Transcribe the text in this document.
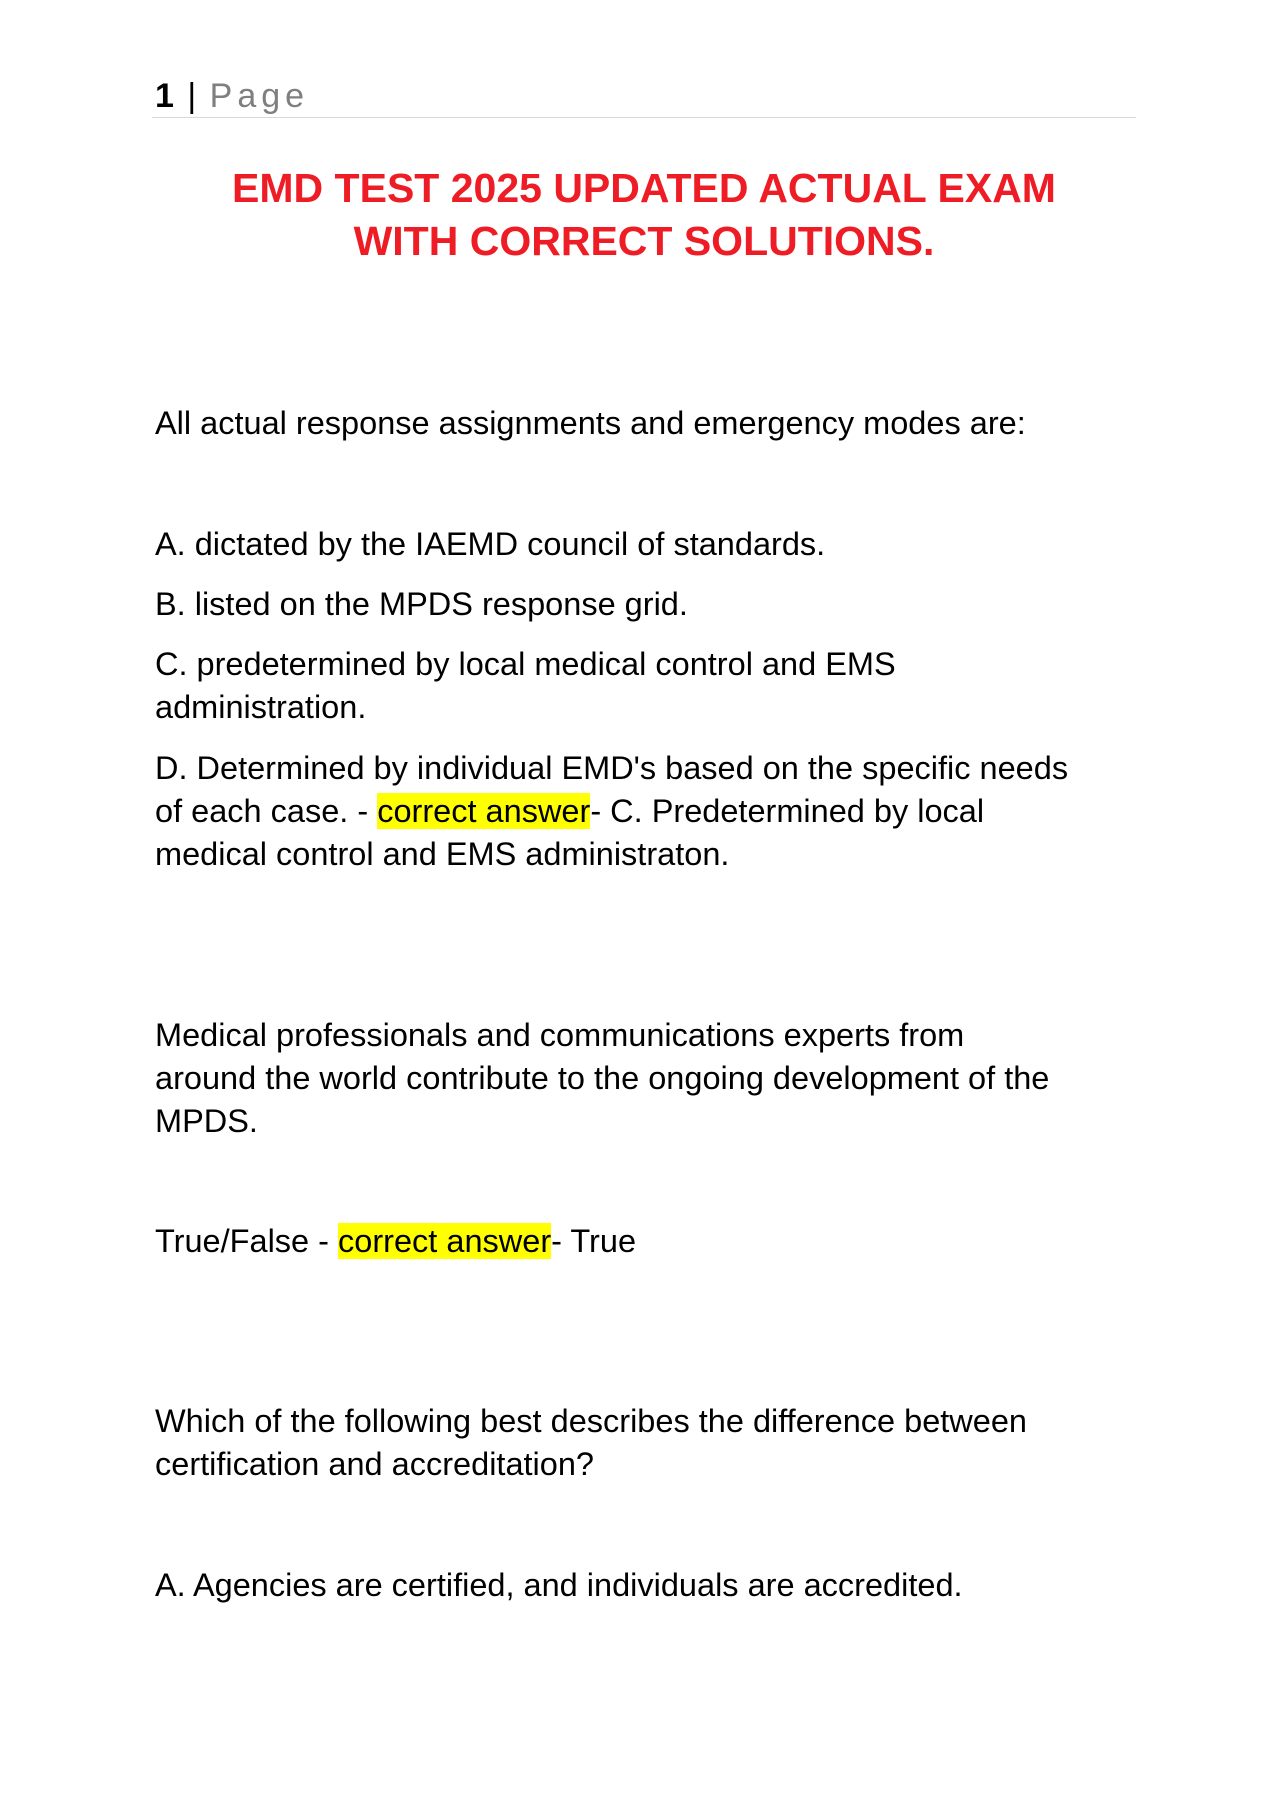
1 | Page
EMD TEST 2025 UPDATED ACTUAL EXAM
WITH CORRECT SOLUTIONS.
All actual response assignments and emergency modes are:
A. dictated by the IAEMD council of standards.
B. listed on the MPDS response grid.
C. predetermined by local medical control and EMS
administration.
D. Determined by individual EMD's based on the specific needs
of each case. - correct answer- C. Predetermined by local
medical control and EMS administraton.
Medical professionals and communications experts from
around the world contribute to the ongoing development of the
MPDS.
True/False - correct answer- True
Which of the following best describes the difference between
certification and accreditation?
A. Agencies are certified, and individuals are accredited.
